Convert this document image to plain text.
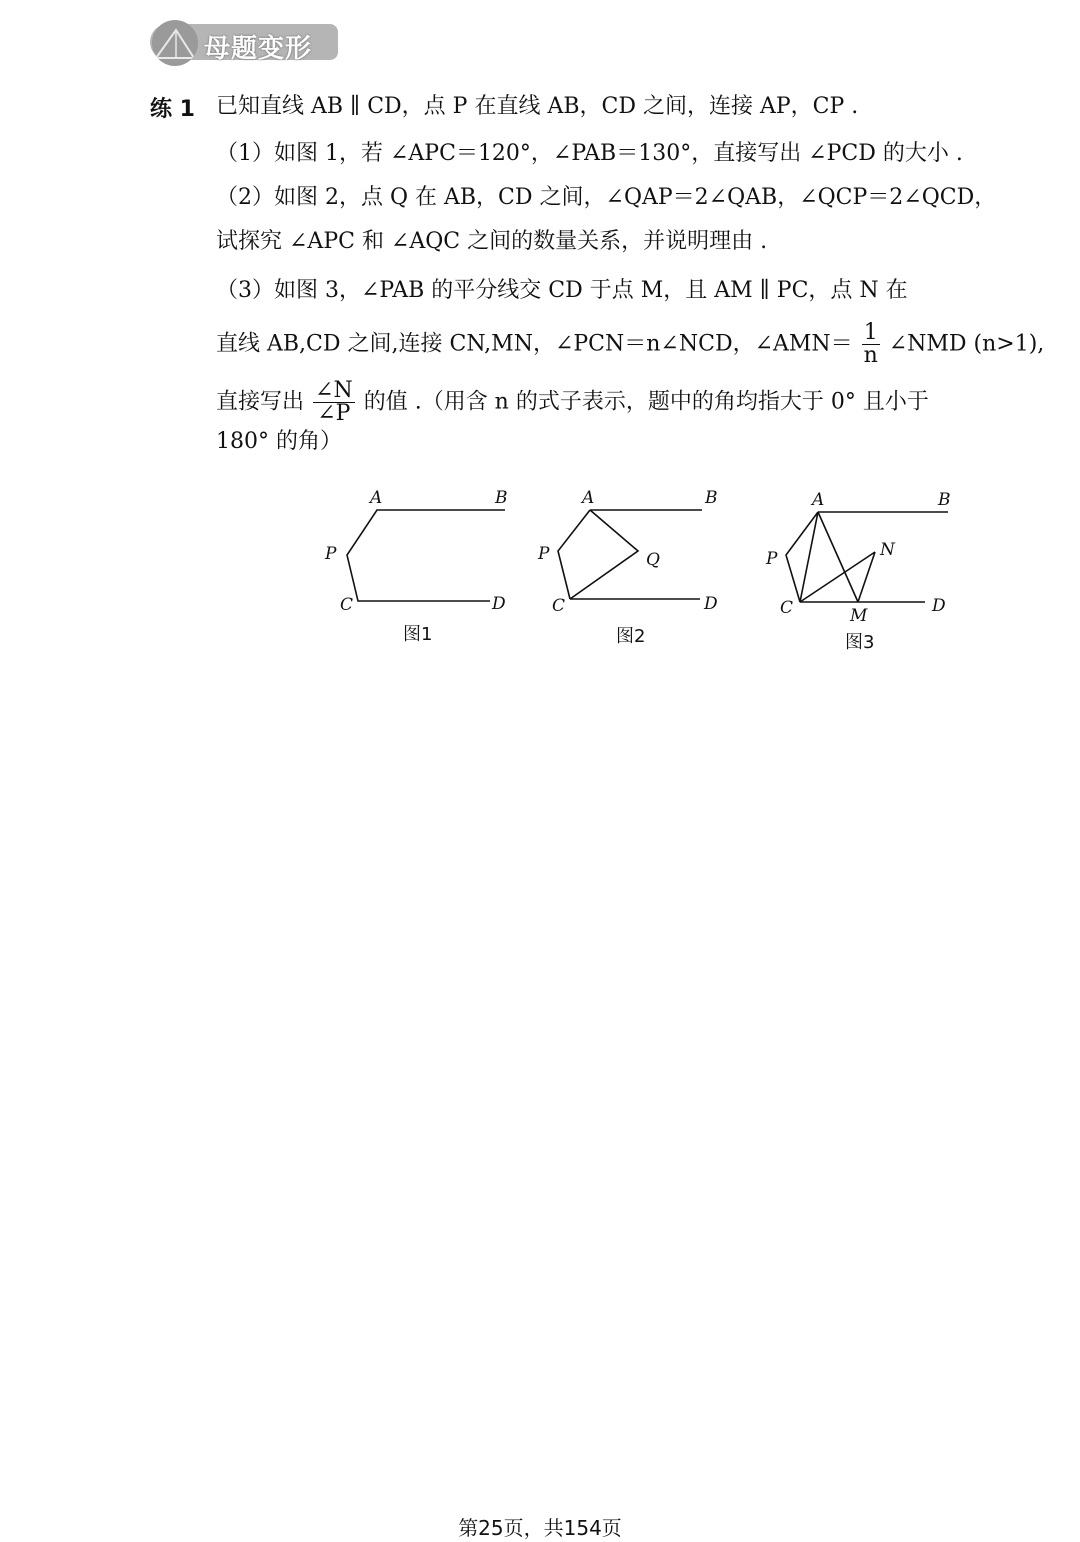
母题变形
练 1 已知直线 AB ∥ CD，点 P 在直线 AB，CD 之间，连接 AP，CP .
（1）如图 1，若 ∠APC＝120°，∠PAB＝130°，直接写出 ∠PCD 的大小 .
（2）如图 2，点 Q 在 AB，CD 之间，∠QAP＝2∠QAB，∠QCP＝2∠QCD，
试探究 ∠APC 和 ∠AQC 之间的数量关系，并说明理由 .
（3）如图 3，∠PAB 的平分线交 CD 于点 M，且 AM ∥ PC，点 N 在
直线 AB,CD 之间,连接 CN,MN，∠PCN＝n∠NCD，∠AMN＝ $\frac{1}{n}$ ∠NMD (n>1),
直接写出 $\frac{\angle N}{\angle P}$ 的值 .（用含 n 的式子表示，题中的角均指大于 0° 且小于
180° 的角）
A	B
P
C	D
图1
A	B
P	Q
C	D
图2
A	B
P	N
C	M	D
图3
第25页，共154页
